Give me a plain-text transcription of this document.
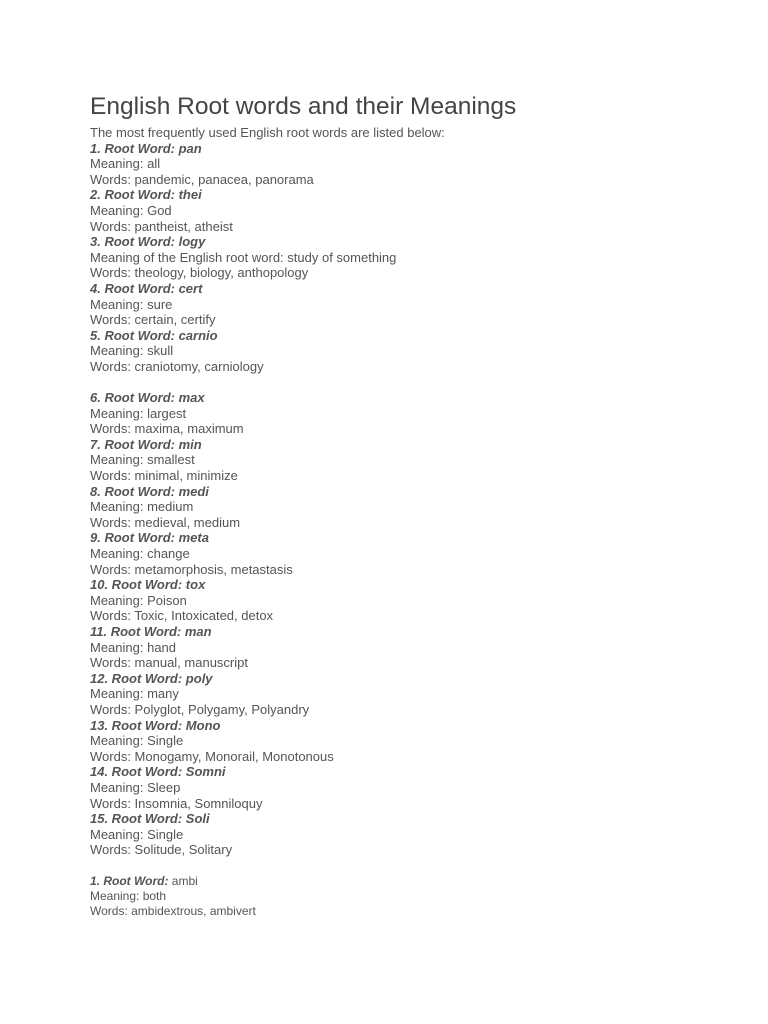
English Root words and their Meanings

The most frequently used English root words are listed below:

1. Root Word: pan

Meaning: all

Words: pandemic, panacea, panorama

2. Root Word: thei

Meaning: God

Words: pantheist, atheist

3. Root Word: logy

Meaning of the English root word: study of something

Words: theology, biology, anthopology

4. Root Word: cert

Meaning: sure

Words: certain, certify

5. Root Word: carnio

Meaning: skull

Words: craniotomy, carniology

6. Root Word: max

Meaning: largest

Words: maxima, maximum

7. Root Word: min

Meaning: smallest

Words: minimal, minimize

8. Root Word: medi

Meaning: medium

Words: medieval, medium

9. Root Word: meta

Meaning: change

Words: metamorphosis, metastasis

10. Root Word: tox

Meaning: Poison

Words: Toxic, Intoxicated, detox

11. Root Word: man

Meaning: hand

Words: manual, manuscript

12. Root Word: poly

Meaning: many

Words: Polyglot, Polygamy, Polyandry

13. Root Word: Mono

Meaning: Single

Words: Monogamy, Monorail, Monotonous

14. Root Word: Somni

Meaning: Sleep

Words: Insomnia, Somniloquy

15. Root Word: Soli

Meaning: Single

Words: Solitude, Solitary

1. Root Word: ambi

Meaning: both

Words: ambidextrous, ambivert
